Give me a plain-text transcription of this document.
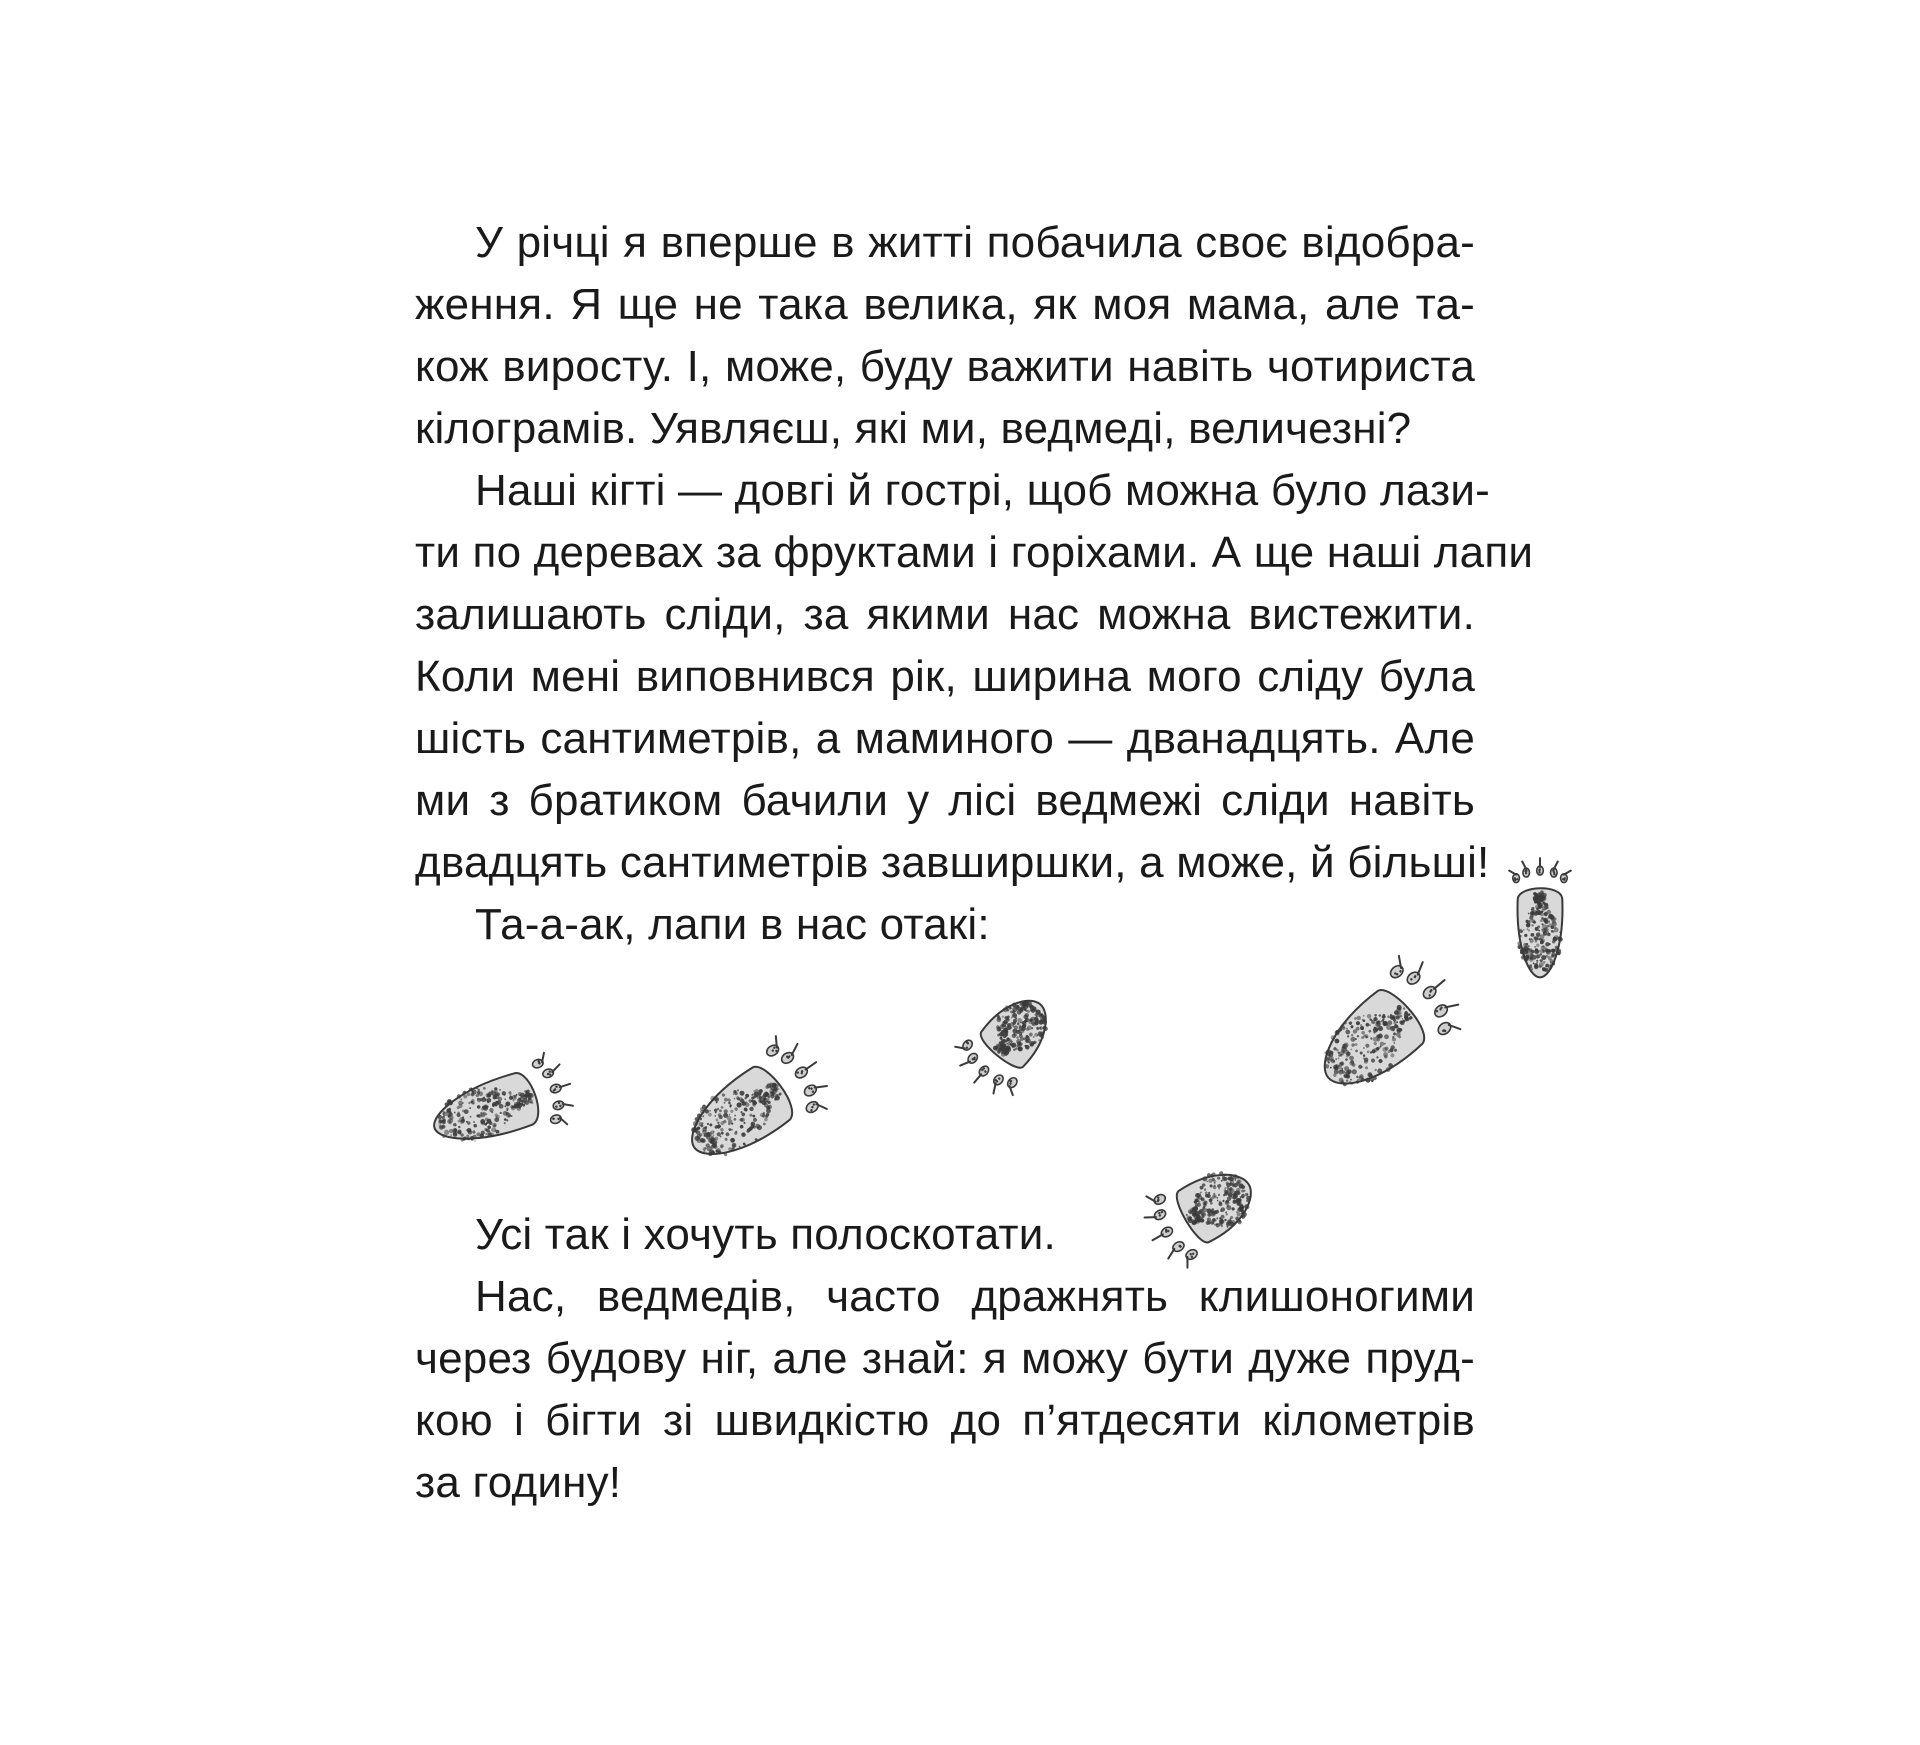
У річці я вперше в житті побачила своє відобра-
ження. Я ще не така велика, як моя мама, але та-
кож виросту. І, може, буду важити навіть чотириста
кілограмів. Уявляєш, які ми, ведмеді, величезні?
Наші кігті — довгі й гострі, щоб можна було лази-
ти по деревах за фруктами і горіхами. А ще наші лапи
залишають сліди, за якими нас можна вистежити.
Коли мені виповнився рік, ширина мого сліду була
шість сантиметрів, а маминого — дванадцять. Але
ми з братиком бачили у лісі ведмежі сліди навіть
двадцять сантиметрів завширшки, а може, й більші!
Та-а-ак, лапи в нас отакі:
Усі так і хочуть полоскотати.
Нас, ведмедів, часто дражнять клишоногими
через будову ніг, але знай: я можу бути дуже пруд-
кою і бігти зі швидкістю до п’ятдесяти кілометрів
за годину!
